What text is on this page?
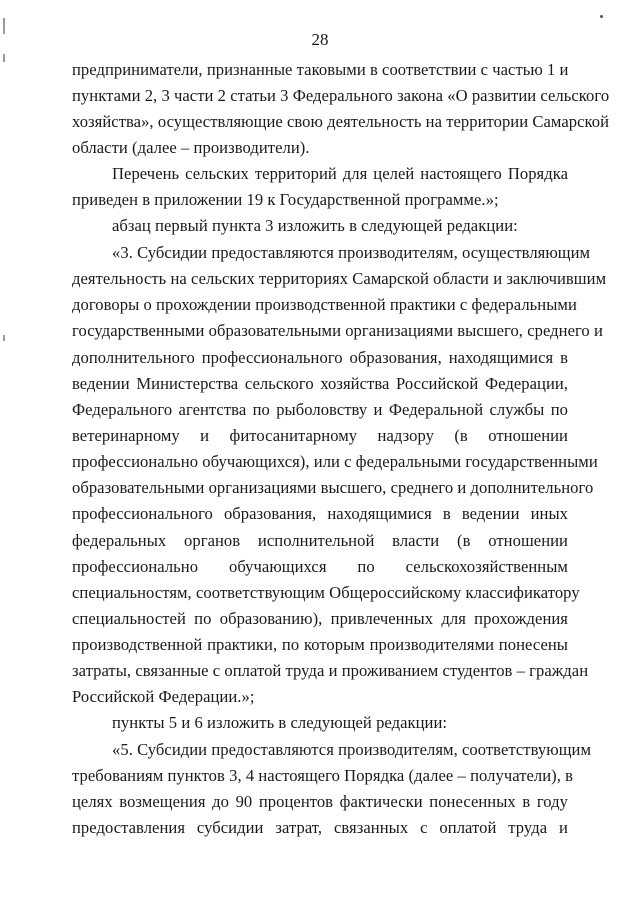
28
предприниматели, признанные таковыми в соответствии с частью 1 и
пунктами 2, 3 части 2 статьи 3 Федерального закона «О развитии сельского
хозяйства», осуществляющие свою деятельность на территории Самарской
области (далее – производители).
Перечень сельских территорий для целей настоящего Порядка
приведен в приложении 19 к Государственной программе.»;
абзац первый пункта 3 изложить в следующей редакции:
«3. Субсидии предоставляются производителям, осуществляющим
деятельность на сельских территориях Самарской области и заключившим
договоры о прохождении производственной практики с федеральными
государственными образовательными организациями высшего, среднего и
дополнительного профессионального образования, находящимися в
ведении Министерства сельского хозяйства Российской Федерации,
Федерального агентства по рыболовству и Федеральной службы по
ветеринарному и фитосанитарному надзору (в отношении
профессионально обучающихся), или с федеральными государственными
образовательными организациями высшего, среднего и дополнительного
профессионального образования, находящимися в ведении иных
федеральных органов исполнительной власти (в отношении
профессионально обучающихся по сельскохозяйственным
специальностям, соответствующим Общероссийскому классификатору
специальностей по образованию), привлеченных для прохождения
производственной практики, по которым производителями понесены
затраты, связанные с оплатой труда и проживанием студентов – граждан
Российской Федерации.»;
пункты 5 и 6 изложить в следующей редакции:
«5. Субсидии предоставляются производителям, соответствующим
требованиям пунктов 3, 4 настоящего Порядка (далее – получатели), в
целях возмещения до 90 процентов фактически понесенных в году
предоставления субсидии затрат, связанных с оплатой труда и
